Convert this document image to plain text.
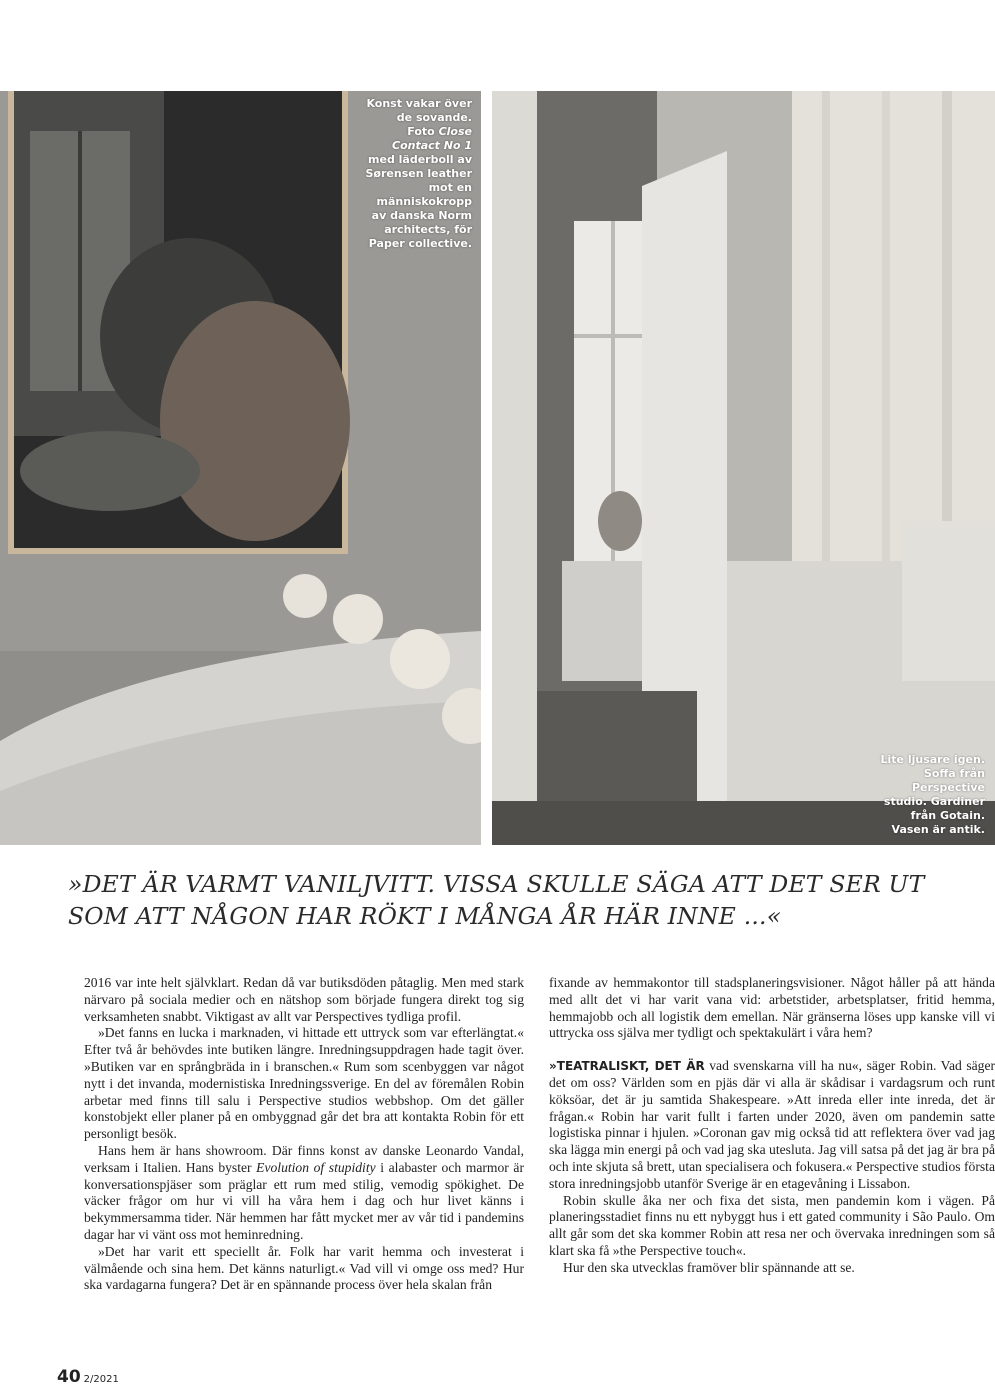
Konst vakar över
de sovande.
Foto Close
Contact No 1
med läderboll av
Sørensen leather
mot en
människokropp
av danska Norm
architects, för
Paper collective.
Lite ljusare igen.
Soffa från
Perspective
studio. Gardiner
från Gotain.
Vasen är antik.

»DET ÄR VARMT VANILJVITT. VISSA SKULLE SÄGA ATT DET SER UT

SOM ATT NÅGON HAR RÖKT I MÅNGA ÅR HÄR INNE ...«

2016 var inte helt självklart. Redan då var butiksdöden påtaglig. Men med stark närvaro på sociala medier och en nätshop som började fungera direkt tog sig verksamheten snabbt. Viktigast av allt var Perspectives tydliga profil.

»Det fanns en lucka i marknaden, vi hittade ett uttryck som var efterlängtat.« Efter två år behövdes inte butiken längre. Inredningsuppdragen hade tagit över. »Butiken var en språngbräda in i branschen.« Rum som scenbyggen var något nytt i det invanda, modernistiska Inredningssverige. En del av föremålen Robin arbetar med finns till salu i Perspective studios webbshop. Om det gäller konstobjekt eller planer på en ombyggnad går det bra att kontakta Robin för ett personligt besök.

Hans hem är hans showroom. Där finns konst av danske Leonardo Vandal, verksam i Italien. Hans byster Evolution of stupidity i alabaster och marmor är konversationspjäser som präglar ett rum med stilig, vemodig spökighet. De väcker frågor om hur vi vill ha våra hem i dag och hur livet känns i bekymmersamma tider. När hemmen har fått mycket mer av vår tid i pandemins dagar har vi vänt oss mot heminredning.

»Det har varit ett speciellt år. Folk har varit hemma och investerat i välmående och sina hem. Det känns naturligt.« Vad vill vi omge oss med? Hur ska vardagarna fungera? Det är en spännande process över hela skalan från

fixande av hemmakontor till stadsplaneringsvisioner. Något håller på att hända med allt det vi har varit vana vid: arbetstider, arbetsplatser, fritid hemma, hemmajobb och all logistik dem emellan. När gränserna löses upp kanske vill vi uttrycka oss själva mer tydligt och spektakulärt i våra hem?

»TEATRALISKT, DET ÄR vad svenskarna vill ha nu«, säger Robin. Vad säger det om oss? Världen som en pjäs där vi alla är skådisar i vardagsrum och runt köksöar, det är ju samtida Shakespeare. »Att inreda eller inte inreda, det är frågan.« Robin har varit fullt i farten under 2020, även om pandemin satte logistiska pinnar i hjulen. »Coronan gav mig också tid att reflektera över vad jag ska lägga min energi på och vad jag ska utesluta. Jag vill satsa på det jag är bra på och inte skjuta så brett, utan specialisera och fokusera.« Perspective studios första stora inredningsjobb utanför Sverige är en etagevåning i Lissabon.

Robin skulle åka ner och fixa det sista, men pandemin kom i vägen. På planeringsstadiet finns nu ett nybyggt hus i ett gated community i São Paulo. Om allt går som det ska kommer Robin att resa ner och övervaka inredningen som så klart ska få »the Perspective touch«.

Hur den ska utvecklas framöver blir spännande att se.

40 2/2021
